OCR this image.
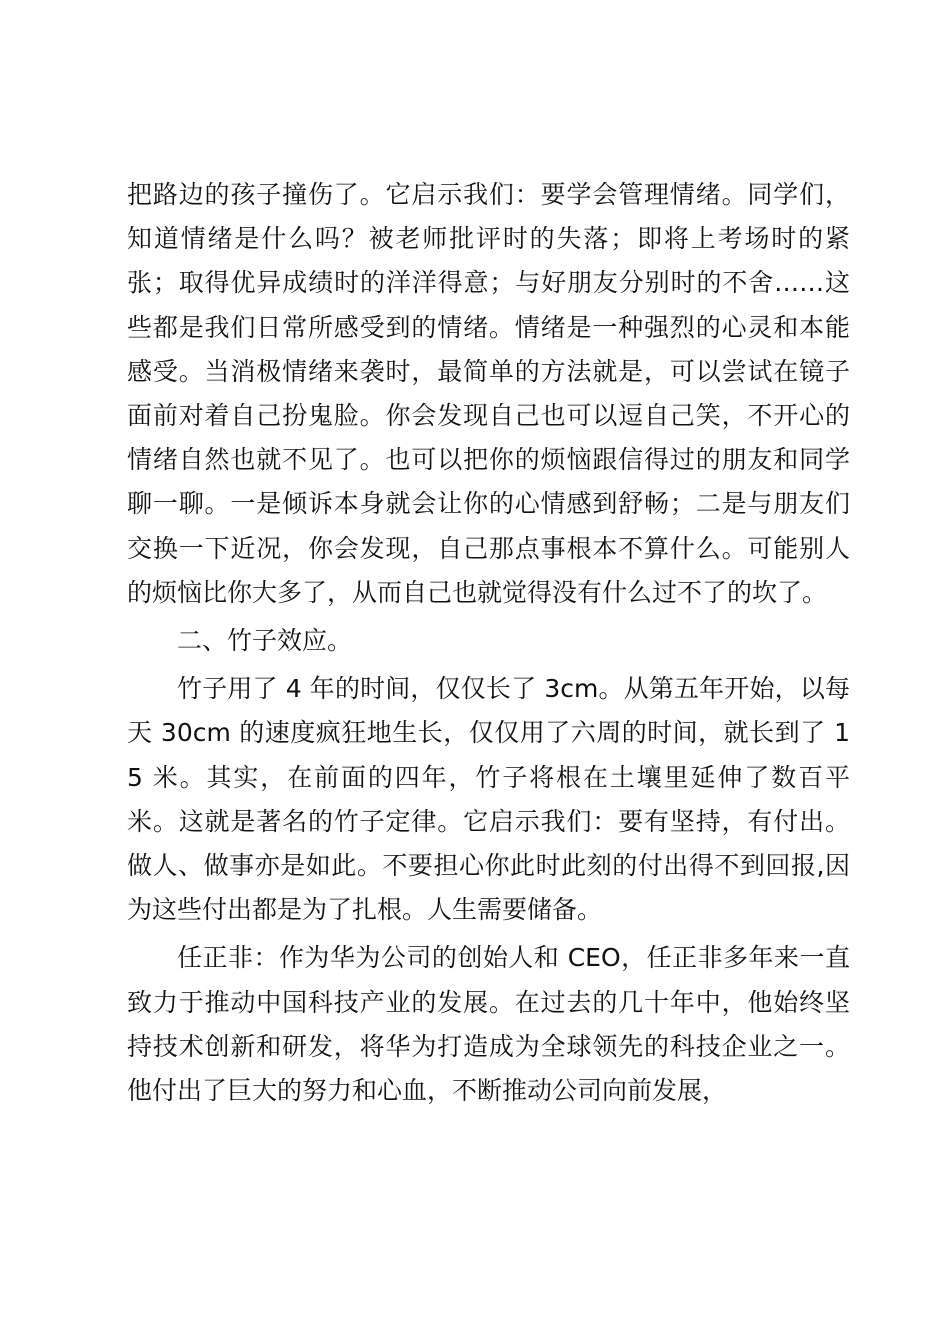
把路边的孩子撞伤了。它启示我们：要学会管理情绪。同学们，知道情绪是什么吗？被老师批评时的失落；即将上考场时的紧张；取得优异成绩时的洋洋得意；与好朋友分别时的不舍……这些都是我们日常所感受到的情绪。情绪是一种强烈的心灵和本能感受。当消极情绪来袭时，最简单的方法就是，可以尝试在镜子面前对着自己扮鬼脸。你会发现自己也可以逗自己笑，不开心的情绪自然也就不见了。也可以把你的烦恼跟信得过的朋友和同学聊一聊。一是倾诉本身就会让你的心情感到舒畅；二是与朋友们交换一下近况，你会发现，自己那点事根本不算什么。可能别人的烦恼比你大多了，从而自己也就觉得没有什么过不了的坎了。

二、竹子效应。

竹子用了 4 年的时间，仅仅长了 3cm。从第五年开始，以每天 30cm 的速度疯狂地生长，仅仅用了六周的时间，就长到了 15 米。其实，在前面的四年，竹子将根在土壤里延伸了数百平米。这就是著名的竹子定律。它启示我们：要有坚持，有付出。做人、做事亦是如此。不要担心你此时此刻的付出得不到回报,因为这些付出都是为了扎根。人生需要储备。

任正非：作为华为公司的创始人和 CEO，任正非多年来一直致力于推动中国科技产业的发展。在过去的几十年中，他始终坚持技术创新和研发，将华为打造成为全球领先的科技企业之一。他付出了巨大的努力和心血，不断推动公司向前发展，
